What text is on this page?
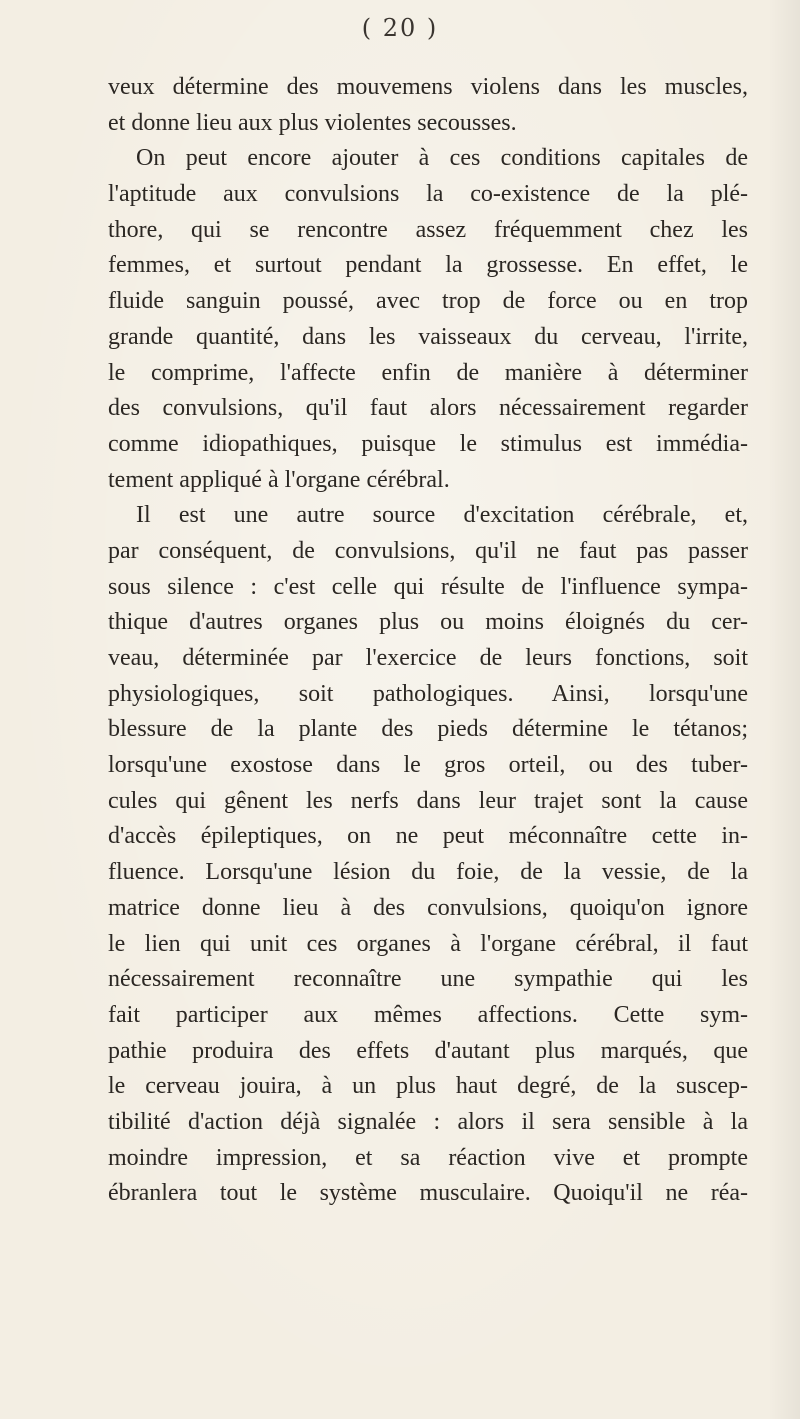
( 20 )
veux détermine des mouvemens violens dans les muscles,
et donne lieu aux plus violentes secousses.
On peut encore ajouter à ces conditions capitales de
l'aptitude aux convulsions la co-existence de la plé-
thore, qui se rencontre assez fréquemment chez les
femmes, et surtout pendant la grossesse. En effet, le
fluide sanguin poussé, avec trop de force ou en trop
grande quantité, dans les vaisseaux du cerveau, l'irrite,
le comprime, l'affecte enfin de manière à déterminer
des convulsions, qu'il faut alors nécessairement regarder
comme idiopathiques, puisque le stimulus est immédia-
tement appliqué à l'organe cérébral.
Il est une autre source d'excitation cérébrale, et,
par conséquent, de convulsions, qu'il ne faut pas passer
sous silence : c'est celle qui résulte de l'influence sympa-
thique d'autres organes plus ou moins éloignés du cer-
veau, déterminée par l'exercice de leurs fonctions, soit
physiologiques, soit pathologiques. Ainsi, lorsqu'une
blessure de la plante des pieds détermine le tétanos;
lorsqu'une exostose dans le gros orteil, ou des tuber-
cules qui gênent les nerfs dans leur trajet sont la cause
d'accès épileptiques, on ne peut méconnaître cette in-
fluence. Lorsqu'une lésion du foie, de la vessie, de la
matrice donne lieu à des convulsions, quoiqu'on ignore
le lien qui unit ces organes à l'organe cérébral, il faut
nécessairement reconnaître une sympathie qui les
fait participer aux mêmes affections. Cette sym-
pathie produira des effets d'autant plus marqués, que
le cerveau jouira, à un plus haut degré, de la suscep-
tibilité d'action déjà signalée : alors il sera sensible à la
moindre impression, et sa réaction vive et prompte
ébranlera tout le système musculaire. Quoiqu'il ne réa-
